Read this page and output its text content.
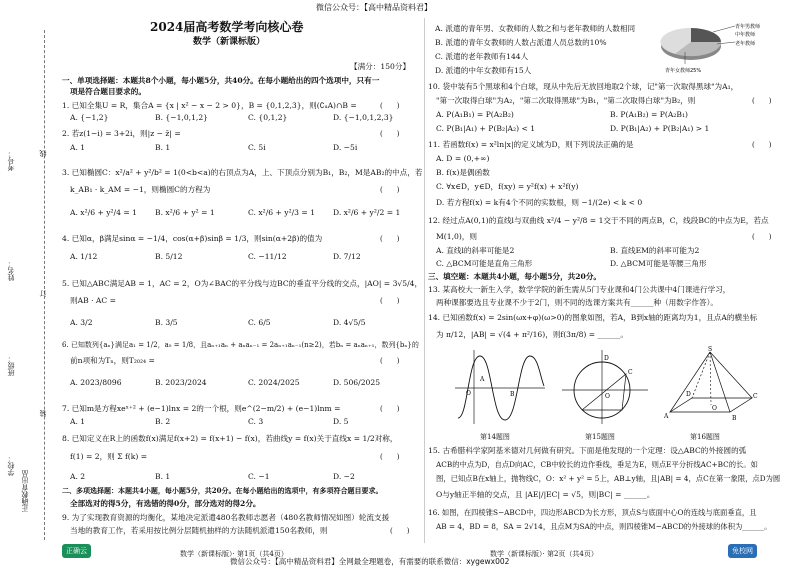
微信公众号：【高中精品资料君】
微信公众号：【高中精品资料君】全网最全理题卷，有需要的联系微信：xygewx002
数学（新课标版）· 第1页（共4页）	数学（新课标版）· 第2页（共4页）
正确云	免校网
考号：
姓名：
班级：
学校：
线
订
装
正确教育出品
2024届高考数学考向核心卷
数学（新课标版）
【满分：150分】
一、单项选择题：本题共8个小题，每小题5分，共40分。在每小题给出的四个选项中，只有一
项是符合题目要求的。
1. 已知全集U = R，集合A = {x | x² − x − 2 > 0}，B = {0,1,2,3}，则(∁ᵤA)∩B =	(　　)
A. {−1,2}	B. {−1,0,1,2}	C. {0,1,2}	D. {−1,0,1,2,3}
2. 若z(1−i) = 3+2i，则|z − z̄| =	(　　)
A. 1	B. 1	C. 5i	D. −5i
3. 已知椭圆C：x²/a² + y²/b² = 1(0<b<a)的右顶点为A，上、下顶点分别为B₁，B₂，M是AB₂的中点，若
k_AB₁ · k_AM = −1，则椭圆C的方程为	(　　)
A. x²/6 + y²/4 = 1 B. x²/6 + y² = 1	C. x²/6 + y²/3 = 1 D. x²/6 + y²/2 = 1
4. 已知α，β满足sinα = −1/4，cos(α+β)sinβ = 1/3，则sin(α+2β)的值为	(　　)
A. 1/12	B. 5/12	C. −11/12	D. 7/12
5. 已知△ABC满足AB = 1，AC = 2，O为∠BAC的平分线与边BC的垂直平分线的交点，|AO| = 3√5/4，
则AB · AC =	(　　)
A. 3/2	B. 3/5	C. 6/5	D. 4√5/5
6. 已知数列{aₙ}满足a₁ = 1/2，a₅ = 1/8，且aₙ₊₁aₙ + aₙaₙ₋₁ = 2aₙ₊₁aₙ₋₁(n≥2)，若bₙ = aₙaₙ₊₁，数列{bₙ}的
前n项和为Tₙ，则T₂₀₂₄ =	(　　)
A. 2023/8096	B. 2023/2024	C. 2024/2025	D. 506/2025
7. 已知m是方程xeˣ⁺² + (e−1)lnx = 2的一个根，则e^(2−m/2) + (e−1)lnm =	(　　)
A. 1	B. 2	C. 3	D. 5
8. 已知定义在R上的函数f(x)满足f(x+2) = f(x+1) − f(x)，若曲线y = f(x)关于直线x = 1/2对称，
f(1) = 2，则 Σ f(k) =	(　　)
A. 2	B. 1	C. −1	D. −2
二、多项选择题：本题共4小题，每小题5分，共20分。在每小题给出的选项中，有多项符合题目要求。
全部选对的得5分，有选错的得0分，部分选对的得2分。
9. 为了实现教育资源的均衡化，某地决定派遣480名教师志愿者（480名教师情况如图）轮流支援
当地的教育工作，若采用按比例分层随机抽样的方法随机派遣150名教师，则	(　　)
A. 派遣的青年男、女教师的人数之和与老年教师的人数相同
B. 派遣的青年女教师的人数占派遣人员总数的10%
C. 派遣的老年教师有144人
D. 派遣的中年女教师有15人
青年男教师
老年教师
青年女教师25%
中年教师
10. 袋中装有5个黑球和4个白球，现从中先后无放回地取2个球，记"第一次取得黑球"为A₁，
"第一次取得白球"为A₂，"第二次取得黑球"为B₁，"第二次取得白球"为B₂，则	(　　)
A. P(A₁B₁) = P(A₂B₂)	B. P(A₁B₂) = P(A₂B₁)
C. P(B₁|A₁) + P(B₂|A₂) < 1	D. P(B₁|A₂) + P(B₂|A₁) > 1
11. 若函数f(x) = x²ln|x|的定义域为D，则下列说法正确的是	(　　)
A. D = (0,+∞)
B. f(x)是偶函数
C. ∀x∈D，y∈D，f(xy) = y²f(x) + x²f(y)
D. 若方程f(x) = k有4个不同的实数根，则 −1/(2e) < k < 0
12. 经过点A(0,1)的直线l与双曲线 x²/4 − y²/8 = 1交于不同的两点B，C，线段BC的中点为E，若点
M(1,0)，则	(　　)
A. 直线l的斜率可能是2	B. 直线EM的斜率可能为2
C. △BCM可能是直角三角形	D. △BCM可能是等腰三角形
三、填空题：本题共4小题，每小题5分，共20分。
13. 某高校大一新生入学，数学学院的新生需从5门专业课和4门公共课中4门课进行学习，
两种课都要选且专业课不少于2门，则不同的选课方案共有______种（用数字作答）。
14. 已知函数f(x) = 2sin(ωx+φ)(ω>0)的图象如图，若A，B到x轴的距离均为1，且点A的横坐标
为 π/12，|AB| = √(4 + π²/16)，则f(3π/8) = ______。
A
B
O
D
C
O
S
A	B
C
D
O
第14题图	第15题图	第16题图
15. 古希腊科学家阿基米德对几何做有研究。下面是他发现的一个定理：设△ABC的外接圆的弧
ACB的中点为D，自点D向AC，CB中较长的边作垂线，垂足为E，则点E平分折线AC+BC的长。如
图，已知点B在x轴上，抛物线C，O：x² + y² = 5上，AB⊥y轴，且|AB| = 4，点C在第一象限，点D为圆
O与y轴正半轴的交点，且 |AE|/|EC| = √5，则|BC| = ______。
16. 如图，在四棱锥S−ABCD中，四边形ABCD为长方形，顶点S与底面中心O的连线与底面垂直，且
AB = 4，BD = 8，SA = 2√14，且点M为SA的中点，则四棱锥M−ABCD的外接球的体积为______。
